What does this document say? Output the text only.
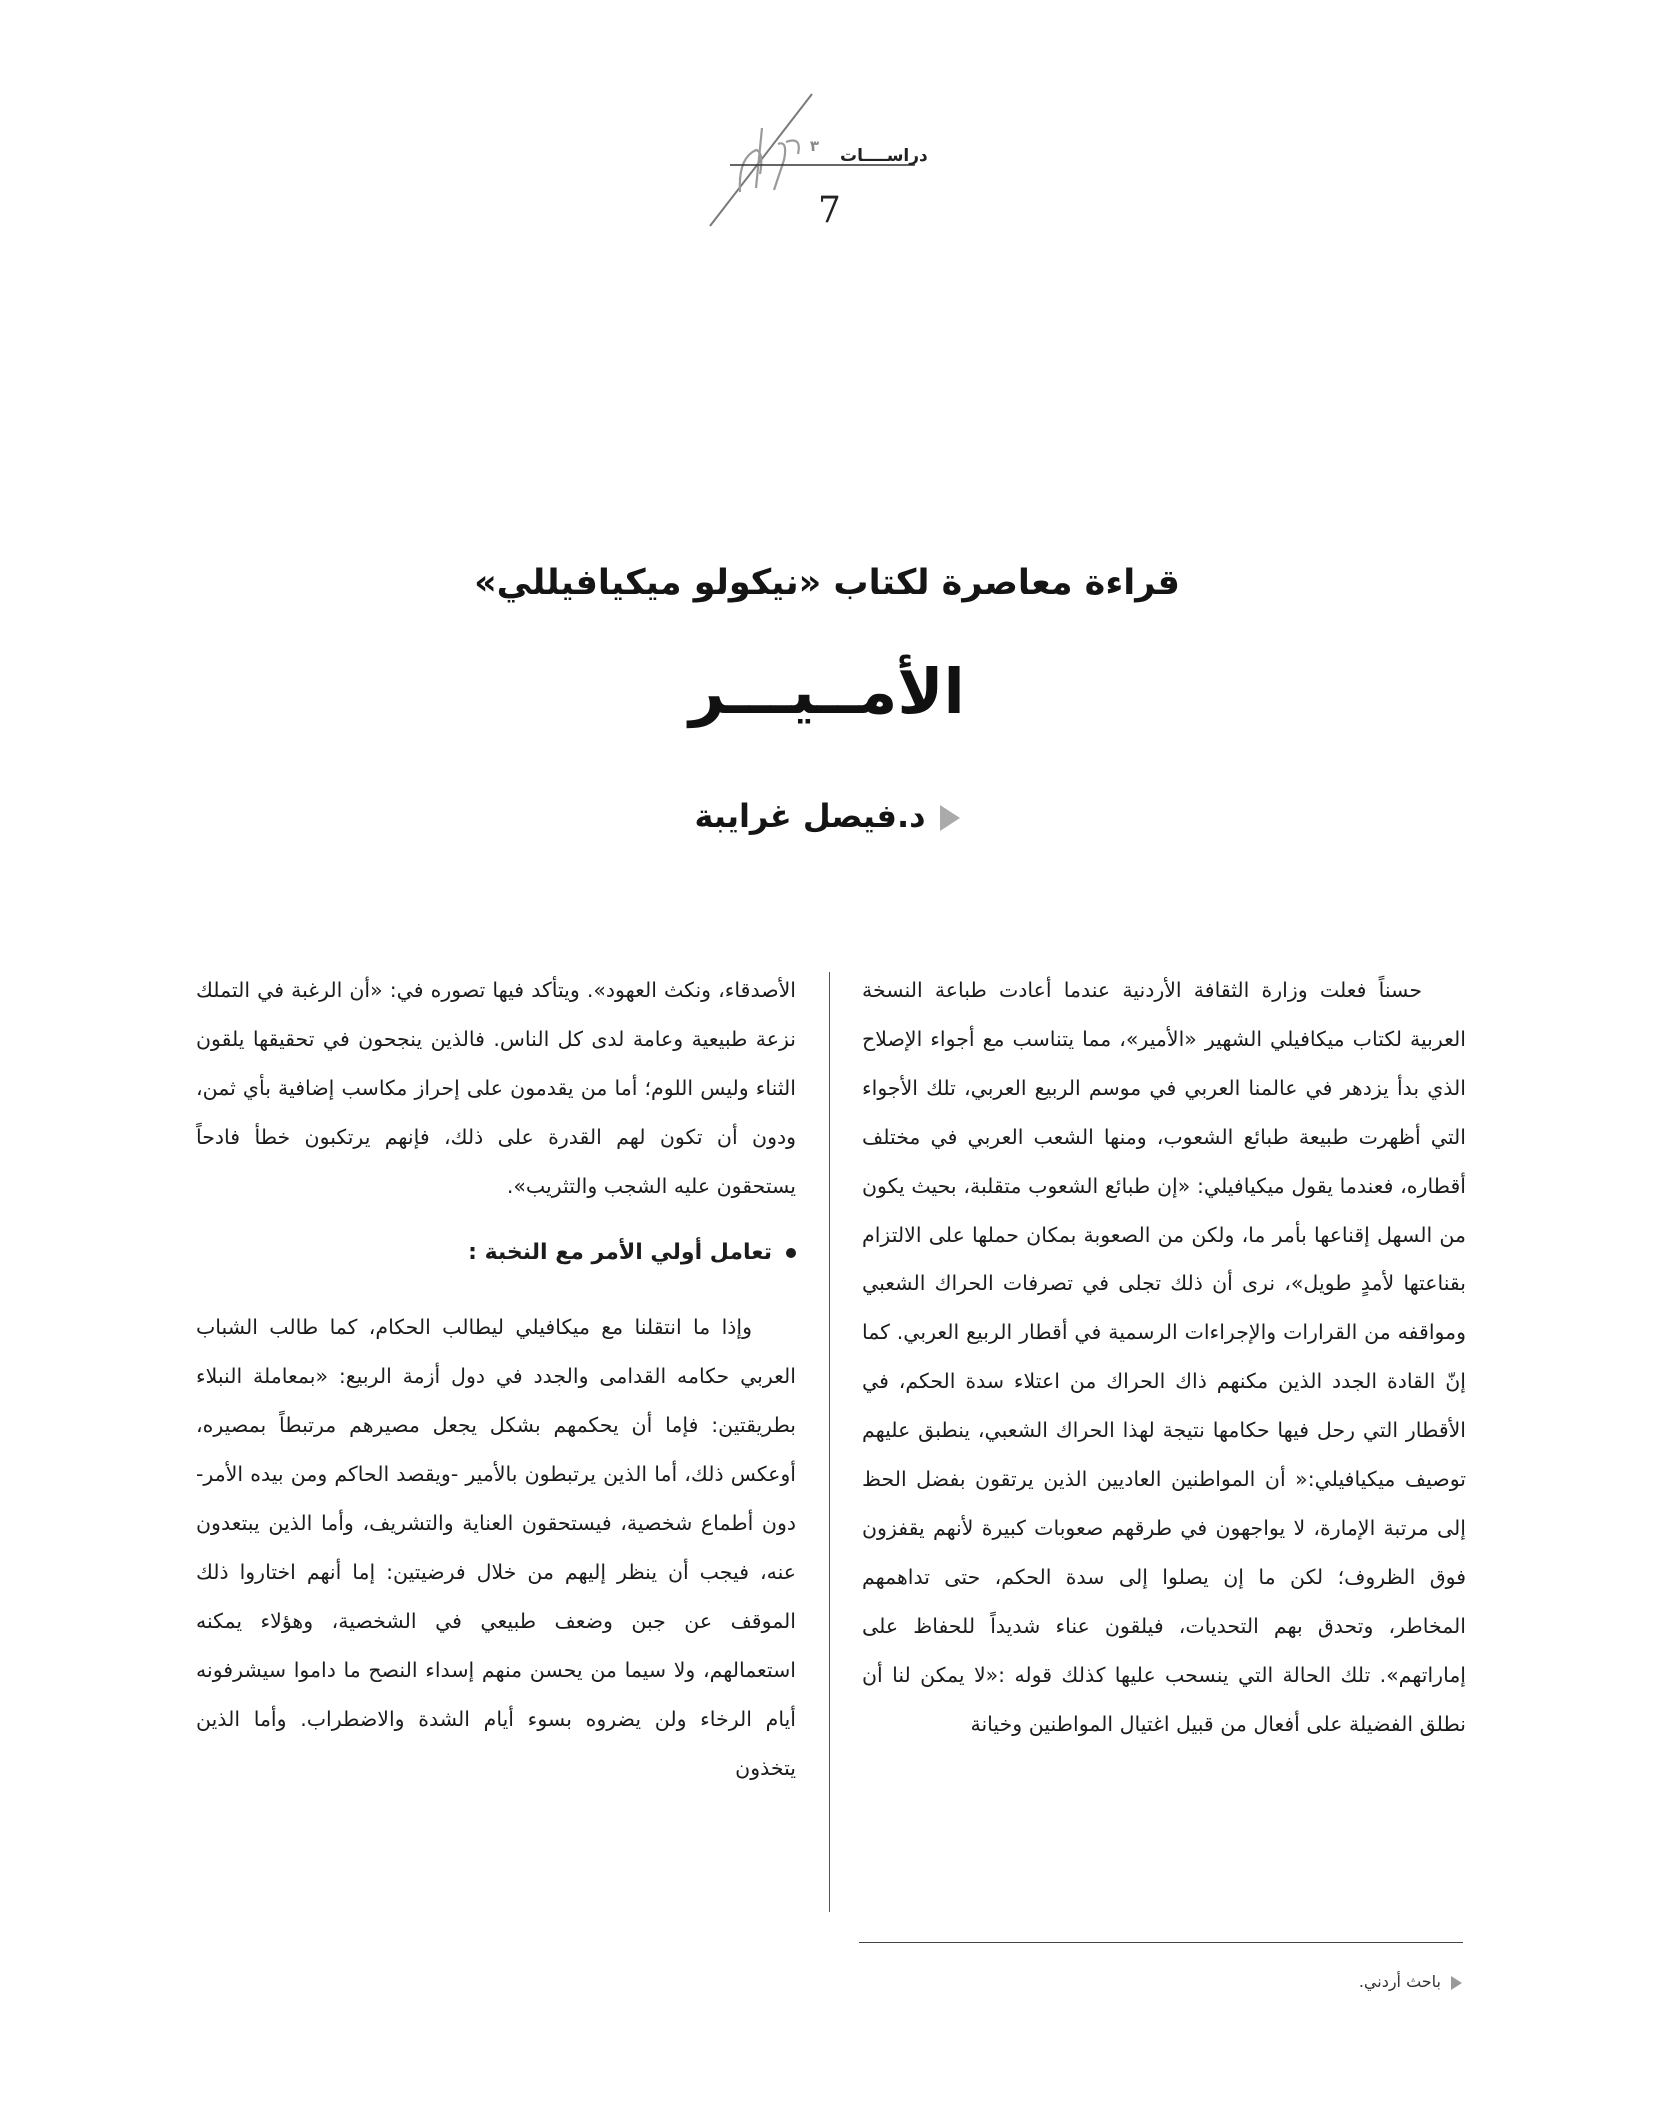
٣ دراســــات
7
قراءة معاصرة لكتاب «نيكولو ميكيافيللي»
الأمــيـــر
د.فيصل غرايبة

حسناً فعلت وزارة الثقافة الأردنية عندما أعادت طباعة النسخة العربية لكتاب ميكافيلي الشهير «الأمير»، مما يتناسب مع أجواء الإصلاح الذي بدأ يزدهر في عالمنا العربي في موسم الربيع العربي، تلك الأجواء التي أظهرت طبيعة طبائع الشعوب، ومنها الشعب العربي في مختلف أقطاره، فعندما يقول ميكيافيلي: «إن طبائع الشعوب متقلبة، بحيث يكون من السهل إقناعها بأمر ما، ولكن من الصعوبة بمكان حملها على الالتزام بقناعتها لأمدٍ طويل»، نرى أن ذلك تجلى في تصرفات الحراك الشعبي ومواقفه من القرارات والإجراءات الرسمية في أقطار الربيع العربي. كما إنّ القادة الجدد الذين مكنهم ذاك الحراك من اعتلاء سدة الحكم، في الأقطار التي رحل فيها حكامها نتيجة لهذا الحراك الشعبي، ينطبق عليهم توصيف ميكيافيلي:« أن المواطنين العاديين الذين يرتقون بفضل الحظ إلى مرتبة الإمارة، لا يواجهون في طرقهم صعوبات كبيرة لأنهم يقفزون فوق الظروف؛ لكن ما إن يصلوا إلى سدة الحكم، حتى تداهمهم المخاطر، وتحدق بهم التحديات، فيلقون عناء شديداً للحفاظ على إماراتهم». تلك الحالة التي ينسحب عليها كذلك قوله :«لا يمكن لنا أن نطلق الفضيلة على أفعال من قبيل اغتيال المواطنين وخيانة

الأصدقاء، ونكث العهود». ويتأكد فيها تصوره في: «أن الرغبة في التملك نزعة طبيعية وعامة لدى كل الناس. فالذين ينجحون في تحقيقها يلقون الثناء وليس اللوم؛ أما من يقدمون على إحراز مكاسب إضافية بأي ثمن، ودون أن تكون لهم القدرة على ذلك، فإنهم يرتكبون خطأ فادحاً يستحقون عليه الشجب والتثريب».

تعامل أولي الأمر مع النخبة :

وإذا ما انتقلنا مع ميكافيلي ليطالب الحكام، كما طالب الشباب العربي حكامه القدامى والجدد في دول أزمة الربيع: «بمعاملة النبلاء بطريقتين: فإما أن يحكمهم بشكل يجعل مصيرهم مرتبطاً بمصيره، أوعكس ذلك، أما الذين يرتبطون بالأمير -ويقصد الحاكم ومن بيده الأمر- دون أطماع شخصية، فيستحقون العناية والتشريف، وأما الذين يبتعدون عنه، فيجب أن ينظر إليهم من خلال فرضيتين: إما أنهم اختاروا ذلك الموقف عن جبن وضعف طبيعي في الشخصية، وهؤلاء يمكنه استعمالهم، ولا سيما من يحسن منهم إسداء النصح ما داموا سيشرفونه أيام الرخاء ولن يضروه بسوء أيام الشدة والاضطراب. وأما الذين يتخذون

باحث أردني.
